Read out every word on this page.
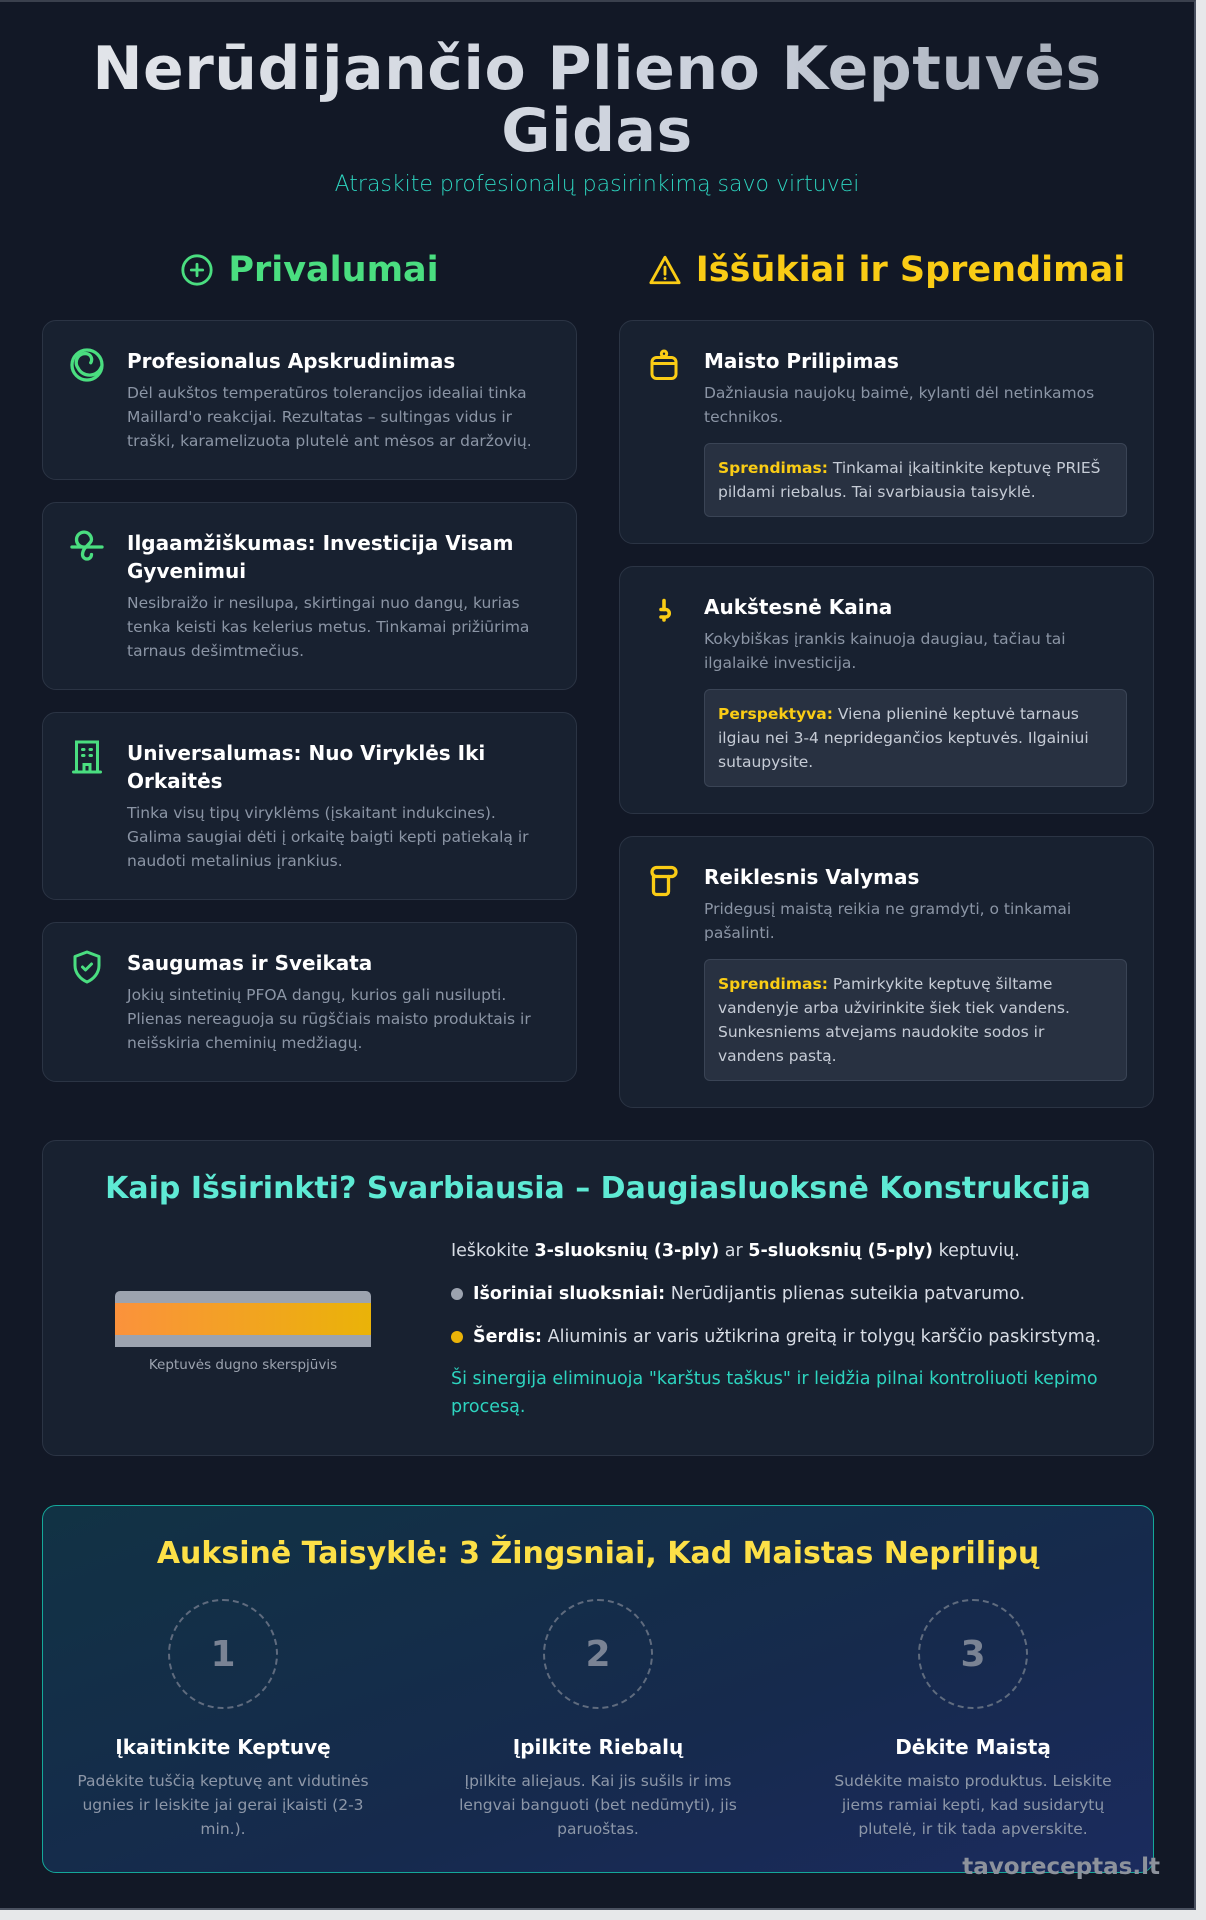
Nerūdijančio Plieno Keptuvės Gidas
Atraskite profesionalų pasirinkimą savo virtuvei
Privalumai
Profesionalus Apskrudinimas

Dėl aukštos temperatūros tolerancijos idealiai tinka Maillard'o reakcijai. Rezultatas – sultingas vidus ir traški, karamelizuota plutelė ant mėsos ar daržovių.

Ilgaamžiškumas: Investicija Visam Gyvenimui

Nesibraižo ir nesilupa, skirtingai nuo dangų, kurias tenka keisti kas kelerius metus. Tinkamai prižiūrima tarnaus dešimtmečius.

Universalumas: Nuo Viryklės Iki Orkaitės

Tinka visų tipų viryklėms (įskaitant indukcines). Galima saugiai dėti į orkaitę baigti kepti patiekalą ir naudoti metalinius įrankius.

Saugumas ir Sveikata

Jokių sintetinių PFOA dangų, kurios gali nusilupti. Plienas nereaguoja su rūgščiais maisto produktais ir neišskiria cheminių medžiagų.

Iššūkiai ir Sprendimai
Maisto Prilipimas

Dažniausia naujokų baimė, kylanti dėl netinkamos technikos.

Sprendimas: Tinkamai įkaitinkite keptuvę PRIEŠ pildami riebalus. Tai svarbiausia taisyklė.
Aukštesnė Kaina

Kokybiškas įrankis kainuoja daugiau, tačiau tai ilgalaikė investicija.

Perspektyva: Viena plieninė keptuvė tarnaus ilgiau nei 3-4 nepridegančios keptuvės. Ilgainiui sutaupysite.
Reiklesnis Valymas

Pridegusį maistą reikia ne gramdyti, o tinkamai pašalinti.

Sprendimas: Pamirkykite keptuvę šiltame vandenyje arba užvirinkite šiek tiek vandens. Sunkesniems atvejams naudokite sodos ir vandens pastą.
Kaip Išsirinkti? Svarbiausia – Daugiasluoksnė Konstrukcija
Keptuvės dugno skerspjūvis
Ieškokite 3-sluoksnių (3-ply) ar 5-sluoksnių (5-ply) keptuvių.
Išoriniai sluoksniai: Nerūdijantis plienas suteikia patvarumo.
Šerdis: Aliuminis ar varis užtikrina greitą ir tolygų karščio paskirstymą.
Ši sinergija eliminuoja "karštus taškus" ir leidžia pilnai kontroliuoti kepimo procesą.
Auksinė Taisyklė: 3 Žingsniai, Kad Maistas Neprilipų
1
Įkaitinkite Keptuvę

Padėkite tuščią keptuvę ant vidutinės ugnies ir leiskite jai gerai įkaisti (2-3 min.).

2
Įpilkite Riebalų

Įpilkite aliejaus. Kai jis sušils ir ims lengvai banguoti (bet nedūmyti), jis paruoštas.

3
Dėkite Maistą

Sudėkite maisto produktus. Leiskite jiems ramiai kepti, kad susidarytų plutelė, ir tik tada apverskite.

tavoreceptas.lt
